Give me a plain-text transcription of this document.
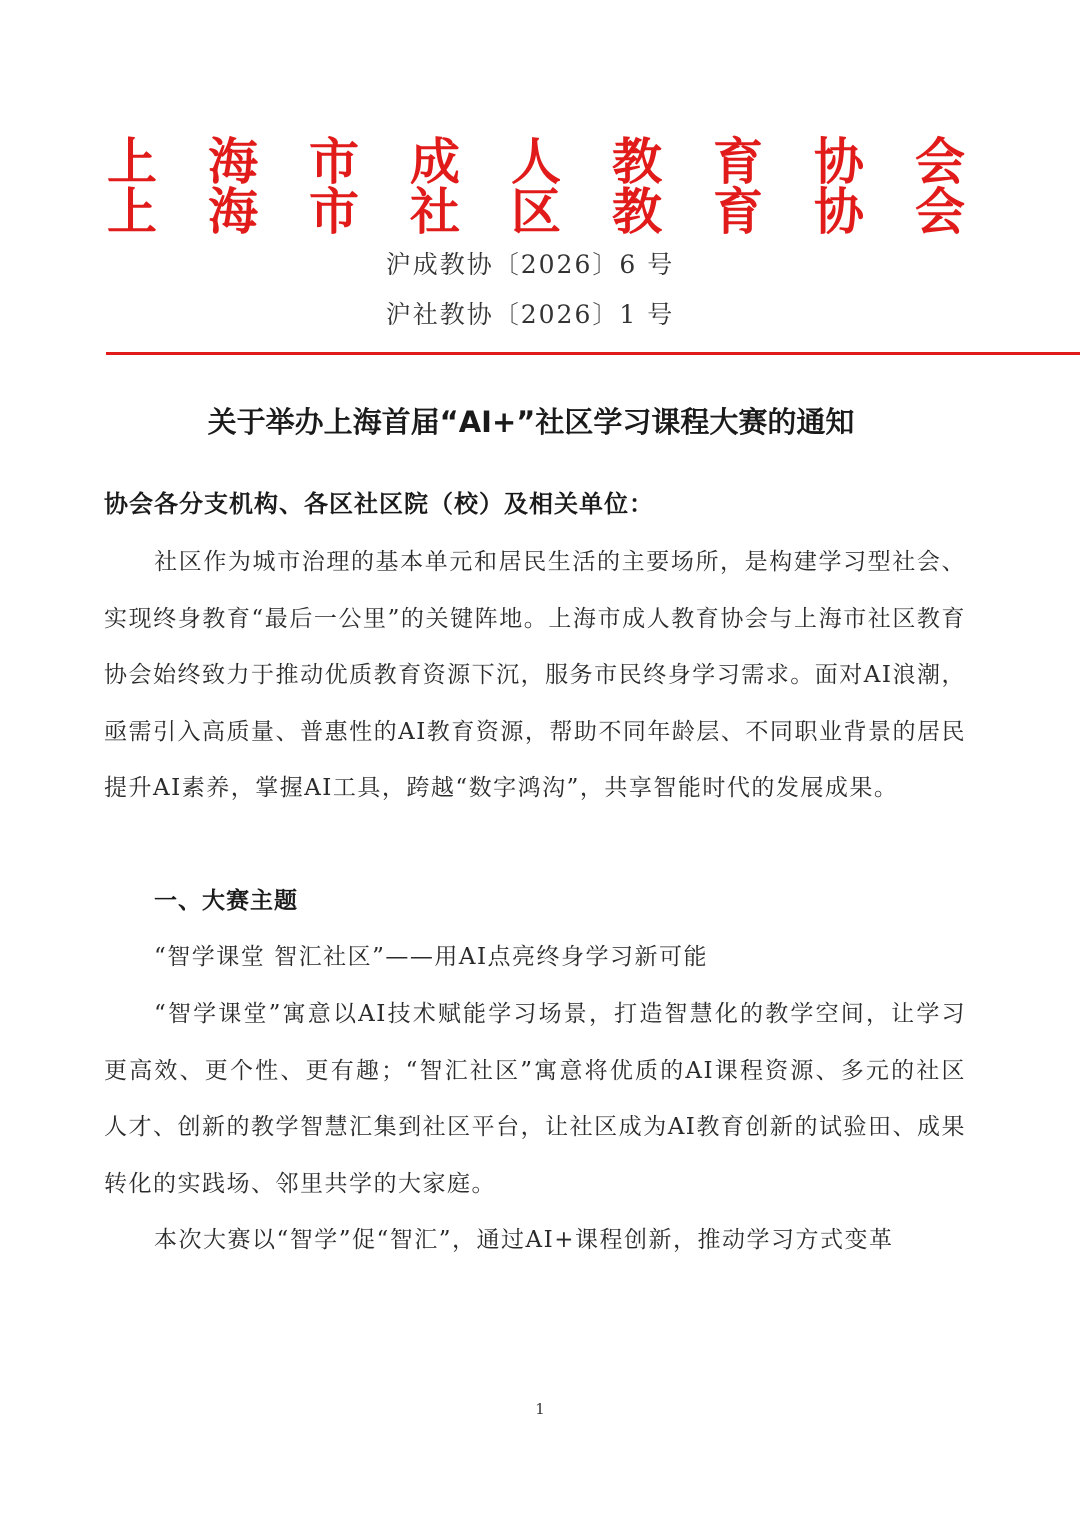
上 海 市 成 人 教 育 协 会
上 海 市 社 区 教 育 协 会
沪成教协〔2026〕6 号
沪社教协〔2026〕1 号
关于举办上海首届“AI+”社区学习课程大赛的通知
协会各分支机构、各区社区院（校）及相关单位：

社区作为城市治理的基本单元和居民生活的主要场所，是构建学习型社会、实现终身教育“最后一公里”的关键阵地。上海市成人教育协会与上海市社区教育协会始终致力于推动优质教育资源下沉，服务市民终身学习需求。面对AI浪潮，亟需引入高质量、普惠性的AI教育资源，帮助不同年龄层、不同职业背景的居民提升AI素养，掌握AI工具，跨越“数字鸿沟”，共享智能时代的发展成果。

一、大赛主题

“智学课堂 智汇社区”——用AI点亮终身学习新可能

“智学课堂”寓意以AI技术赋能学习场景，打造智慧化的教学空间，让学习更高效、更个性、更有趣；“智汇社区”寓意将优质的AI课程资源、多元的社区人才、创新的教学智慧汇集到社区平台，让社区成为AI教育创新的试验田、成果转化的实践场、邻里共学的大家庭。

本次大赛以“智学”促“智汇”，通过AI+课程创新，推动学习方式变革

1
